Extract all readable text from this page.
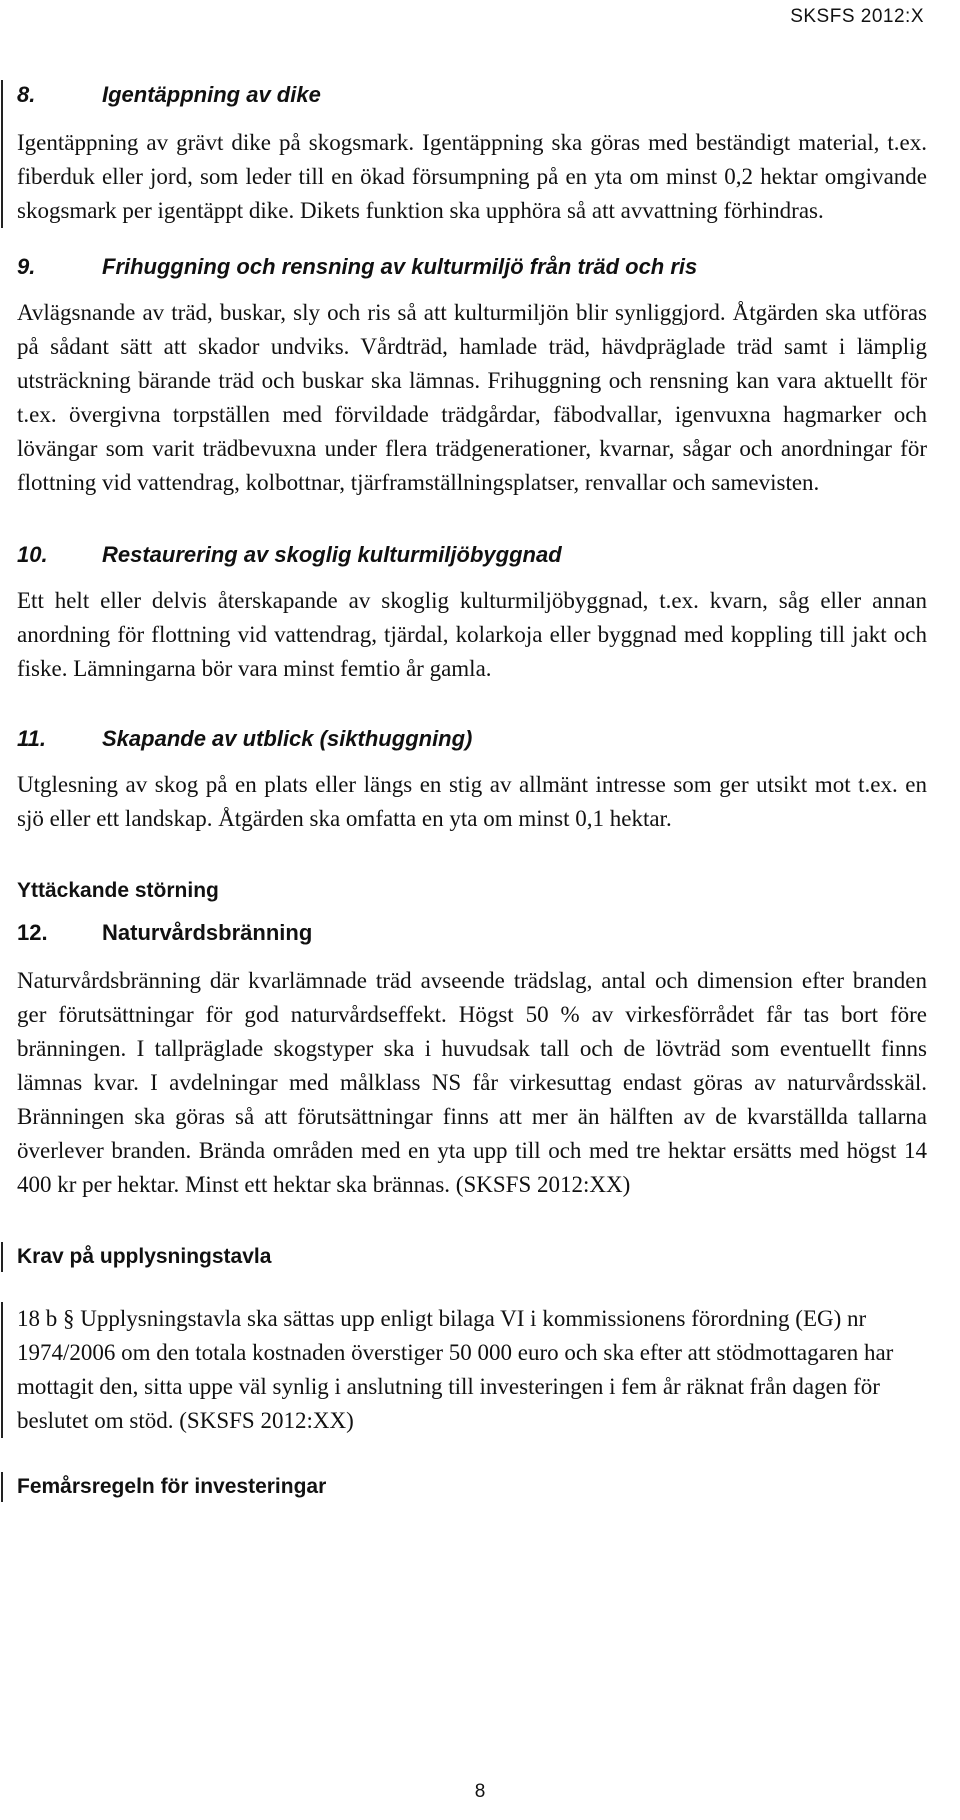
SKSFS 2012:X
8.	Igentäppning av dike

Igentäppning av grävt dike på skogsmark. Igentäppning ska göras med beständigt material, t.ex. fiberduk eller jord, som leder till en ökad försumpning på en yta om minst 0,2 hektar omgivande skogsmark per igentäppt dike. Dikets funktion ska upphöra så att avvattning förhindras.

9.	Frihuggning och rensning av kulturmiljö från träd och ris

Avlägsnande av träd, buskar, sly och ris så att kulturmiljön blir synliggjord. Åtgärden ska utföras på sådant sätt att skador undviks. Vårdträd, hamlade träd, hävdpräglade träd samt i lämplig utsträckning bärande träd och buskar ska lämnas. Frihuggning och rensning kan vara aktuellt för t.ex. övergivna torpställen med förvildade trädgårdar, fäbodvallar, igenvuxna hagmarker och lövängar som varit trädbevuxna under flera trädgenerationer, kvarnar, sågar och anordningar för flottning vid vattendrag, kolbottnar, tjärframställningsplatser, renvallar och samevisten.

10. Restaurering av skoglig kulturmiljöbyggnad

Ett helt eller delvis återskapande av skoglig kulturmiljöbyggnad, t.ex. kvarn, såg eller annan anordning för flottning vid vattendrag, tjärdal, kolarkoja eller byggnad med koppling till jakt och fiske. Lämningarna bör vara minst femtio år gamla.

11.	Skapande av utblick (sikthuggning)

Utglesning av skog på en plats eller längs en stig av allmänt intresse som ger utsikt mot t.ex. en sjö eller ett landskap. Åtgärden ska omfatta en yta om minst 0,1 hektar.

Yttäckande störning
12. Naturvårdsbränning

Naturvårdsbränning där kvarlämnade träd avseende trädslag, antal och dimension efter branden ger förutsättningar för god naturvårdseffekt. Högst 50 % av virkesförrådet får tas bort före bränningen. I tallpräglade skogstyper ska i huvudsak tall och de lövträd som eventuellt finns lämnas kvar. I avdelningar med målklass NS får virkesuttag endast göras av naturvårdsskäl. Bränningen ska göras så att förutsättningar finns att mer än hälften av de kvarställda tallarna överlever branden. Brända områden med en yta upp till och med tre hektar ersätts med högst 14 400 kr per hektar. Minst ett hektar ska brännas. (SKSFS 2012:XX)

Krav på upplysningstavla

18 b § Upplysningstavla ska sättas upp enligt bilaga VI i kommissionens förordning (EG) nr 1974/2006 om den totala kostnaden överstiger 50 000 euro och ska efter att stödmottagaren har mottagit den, sitta uppe väl synlig i anslutning till investeringen i fem år räknat från dagen för beslutet om stöd. (SKSFS 2012:XX)

Femårsregeln för investeringar
8
